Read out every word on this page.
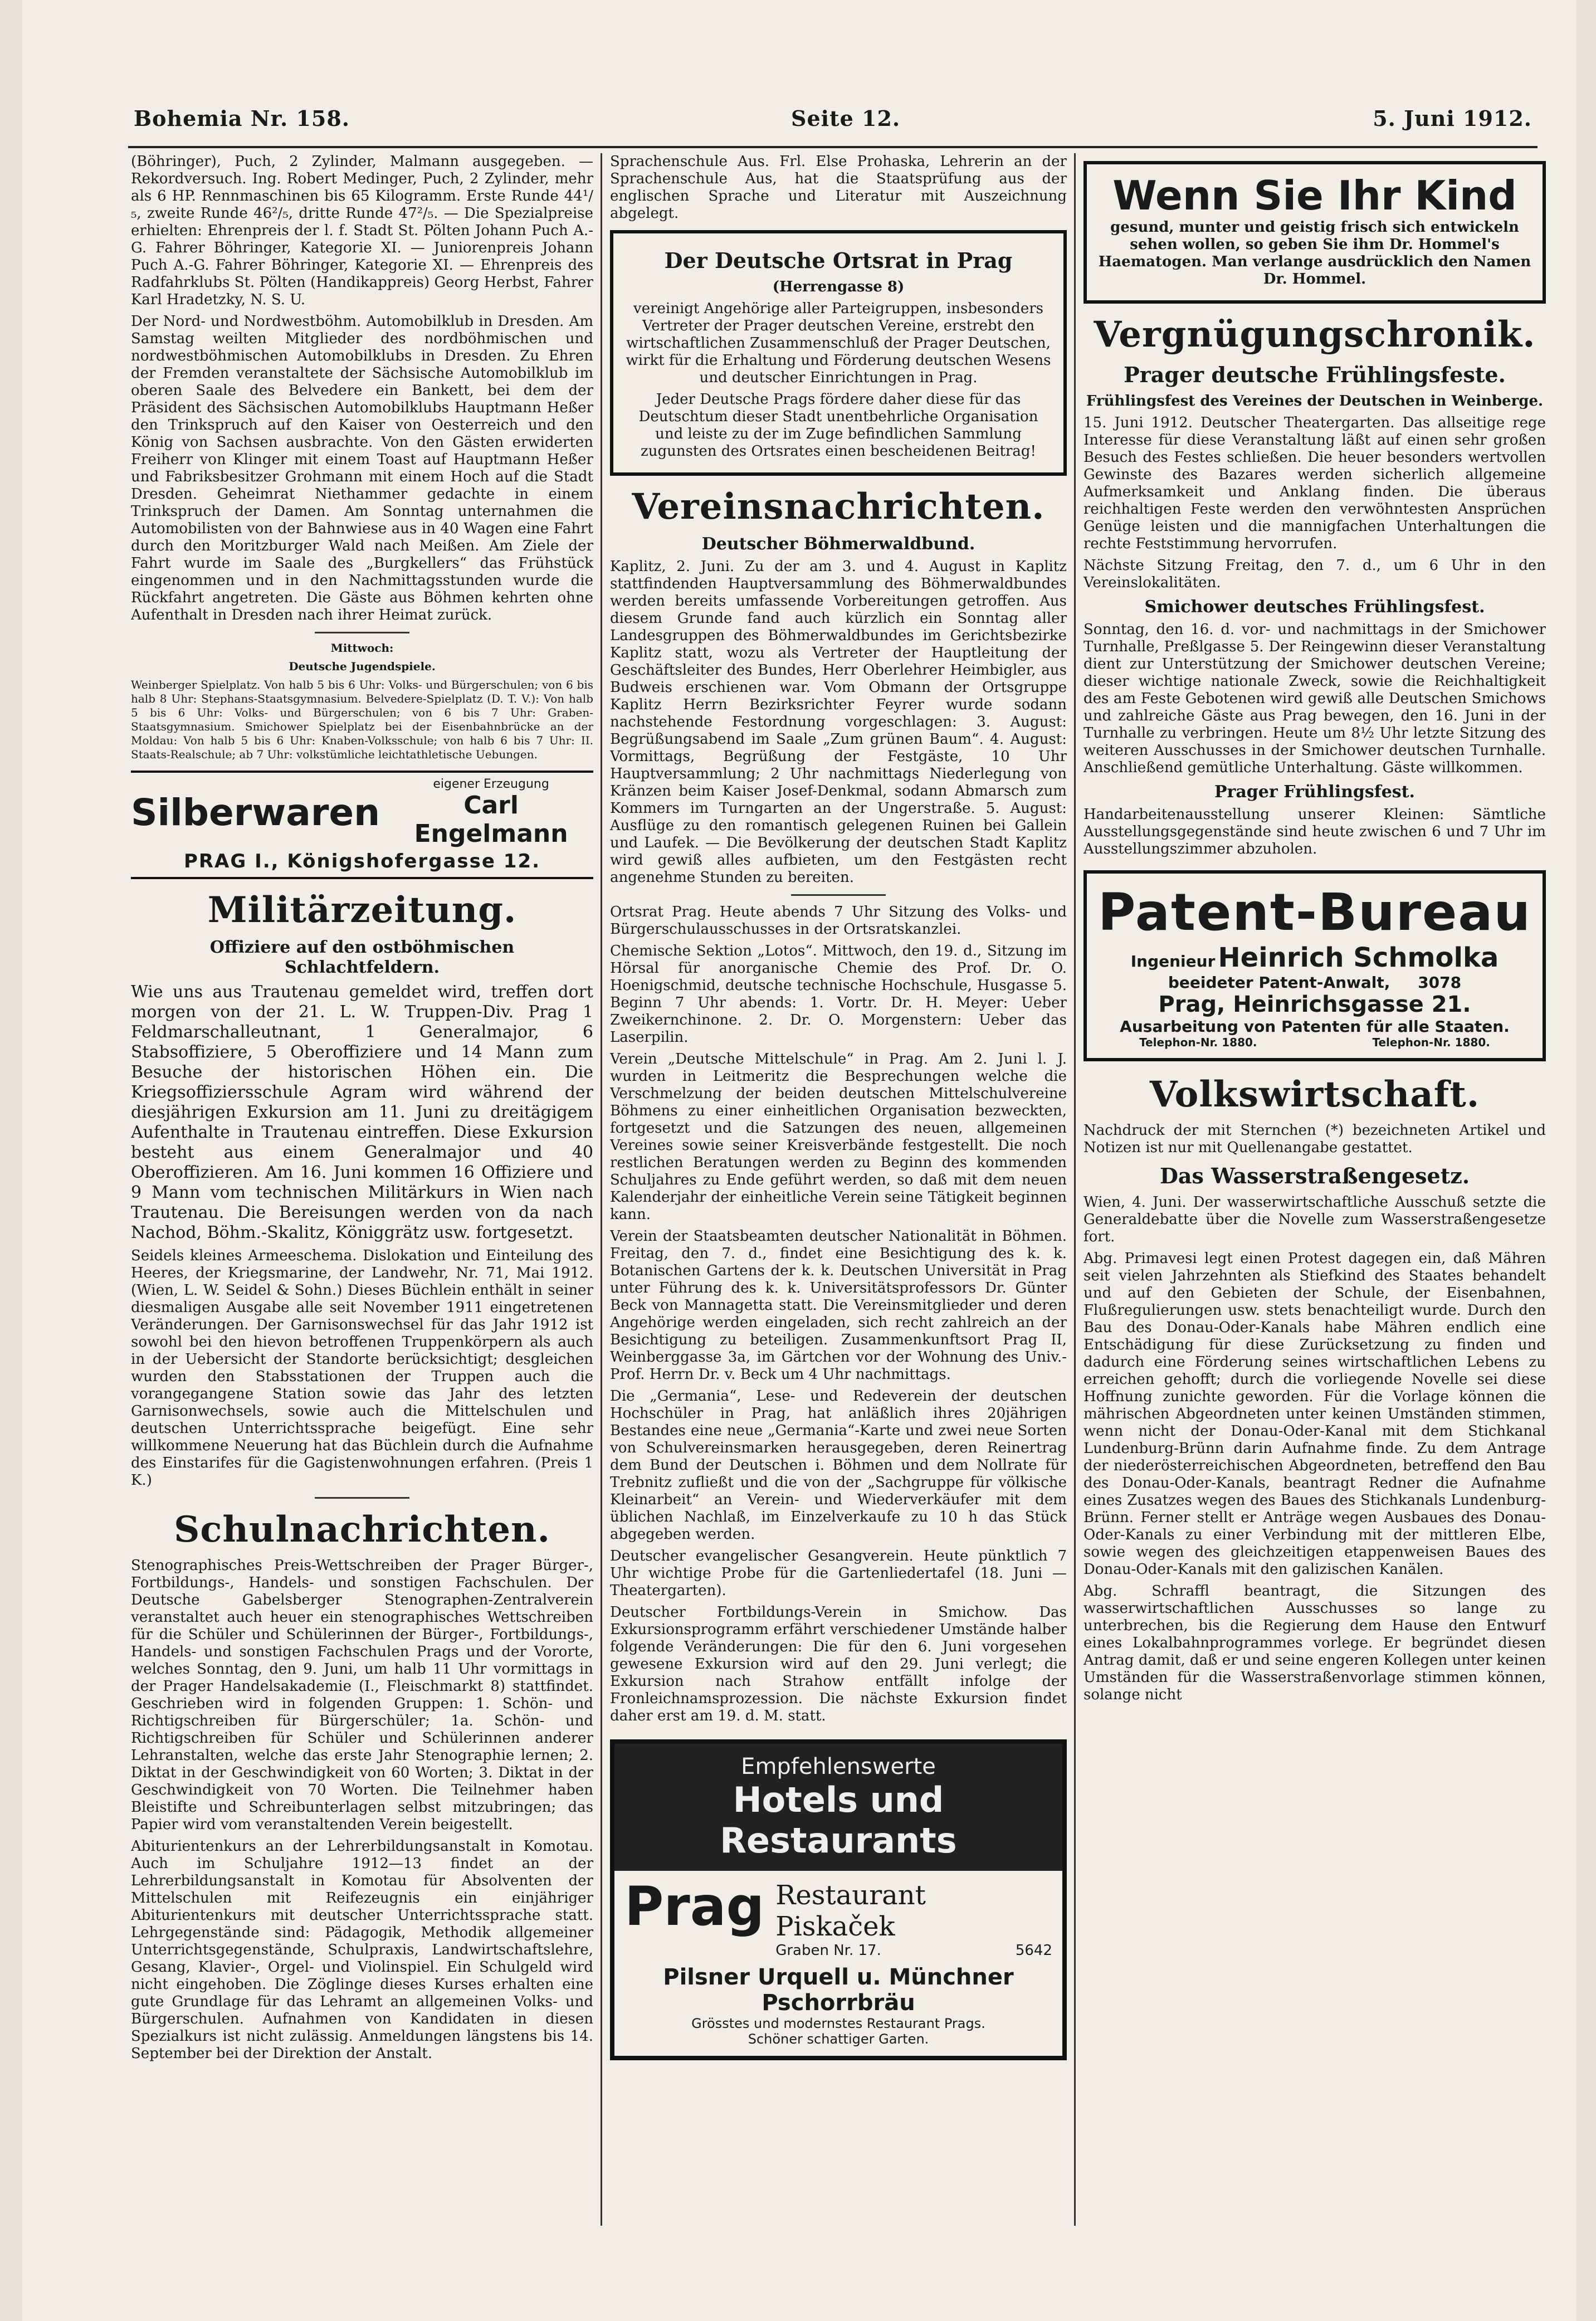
Bohemia Nr. 158.	Seite 12.	5. Juni 1912.

(Böhringer), Puch, 2 Zylinder, Malmann ausgegeben. — Rekordversuch. Ing. Robert Medinger, Puch, 2 Zylinder, mehr als 6 HP. Rennmaschinen bis 65 Kilogramm. Erste Runde 44¹/₅, zweite Runde 46²/₅, dritte Runde 47²/₅. — Die Spezialpreise erhielten: Ehrenpreis der l. f. Stadt St. Pölten Johann Puch A.-G. Fahrer Böhringer, Kategorie XI. — Juniorenpreis Johann Puch A.-G. Fahrer Böhringer, Kategorie XI. — Ehrenpreis des Radfahrklubs St. Pölten (Handikappreis) Georg Herbst, Fahrer Karl Hradetzky, N. S. U.

Der Nord- und Nordwestböhm. Automobilklub in Dresden. Am Samstag weilten Mitglieder des nordböhmischen und nordwestböhmischen Automobilklubs in Dresden. Zu Ehren der Fremden veranstaltete der Sächsische Automobilklub im oberen Saale des Belvedere ein Bankett, bei dem der Präsident des Sächsischen Automobilklubs Hauptmann Heßer den Trinkspruch auf den Kaiser von Oesterreich und den König von Sachsen ausbrachte. Von den Gästen erwiderten Freiherr von Klinger mit einem Toast auf Hauptmann Heßer und Fabriksbesitzer Grohmann mit einem Hoch auf die Stadt Dresden. Geheimrat Niethammer gedachte in einem Trinkspruch der Damen. Am Sonntag unternahmen die Automobilisten von der Bahnwiese aus in 40 Wagen eine Fahrt durch den Moritzburger Wald nach Meißen. Am Ziele der Fahrt wurde im Saale des „Burgkellers“ das Frühstück eingenommen und in den Nachmittagsstunden wurde die Rückfahrt angetreten. Die Gäste aus Böhmen kehrten ohne Aufenthalt in Dresden nach ihrer Heimat zurück.

Mittwoch:

Deutsche Jugendspiele.

Weinberger Spielplatz. Von halb 5 bis 6 Uhr: Volks- und Bürgerschulen; von 6 bis halb 8 Uhr: Stephans-Staatsgymnasium. Belvedere-Spielplatz (D. T. V.): Von halb 5 bis 6 Uhr: Volks- und Bürgerschulen; von 6 bis 7 Uhr: Graben-Staatsgymnasium. Smichower Spielplatz bei der Eisenbahnbrücke an der Moldau: Von halb 5 bis 6 Uhr: Knaben-Volksschule; von halb 6 bis 7 Uhr: II. Staats-Realschule; ab 7 Uhr: volkstümliche leichtathletische Uebungen.

Silberwaren
eigener Erzeugung
Carl Engelmann
PRAG I., Königshofergasse 12.
Militärzeitung.

Offiziere auf den ostböhmischen Schlachtfeldern.

Wie uns aus Trautenau gemeldet wird, treffen dort morgen von der 21. L. W. Truppen-Div. Prag 1 Feldmarschalleutnant, 1 Generalmajor, 6 Stabsoffiziere, 5 Oberoffiziere und 14 Mann zum Besuche der historischen Höhen ein. Die Kriegsoffiziersschule Agram wird während der diesjährigen Exkursion am 11. Juni zu dreitägigem Aufenthalte in Trautenau eintreffen. Diese Exkursion besteht aus einem Generalmajor und 40 Oberoffizieren. Am 16. Juni kommen 16 Offiziere und 9 Mann vom technischen Militärkurs in Wien nach Trautenau. Die Bereisungen werden von da nach Nachod, Böhm.-Skalitz, Königgrätz usw. fortgesetzt.

Seidels kleines Armeeschema. Dislokation und Einteilung des Heeres, der Kriegsmarine, der Landwehr, Nr. 71, Mai 1912. (Wien, L. W. Seidel & Sohn.) Dieses Büchlein enthält in seiner diesmaligen Ausgabe alle seit November 1911 eingetretenen Veränderungen. Der Garnisonswechsel für das Jahr 1912 ist sowohl bei den hievon betroffenen Truppenkörpern als auch in der Uebersicht der Standorte berücksichtigt; desgleichen wurden den Stabsstationen der Truppen auch die vorangegangene Station sowie das Jahr des letzten Garnisonwechsels, sowie auch die Mittelschulen und deutschen Unterrichtssprache beigefügt. Eine sehr willkommene Neuerung hat das Büchlein durch die Aufnahme des Einstarifes für die Gagistenwohnungen erfahren. (Preis 1 K.)

Schulnachrichten.

Stenographisches Preis-Wettschreiben der Prager Bürger-, Fortbildungs-, Handels- und sonstigen Fachschulen. Der Deutsche Gabelsberger Stenographen-Zentralverein veranstaltet auch heuer ein stenographisches Wettschreiben für die Schüler und Schülerinnen der Bürger-, Fortbildungs-, Handels- und sonstigen Fachschulen Prags und der Vororte, welches Sonntag, den 9. Juni, um halb 11 Uhr vormittags in der Prager Handelsakademie (I., Fleischmarkt 8) stattfindet. Geschrieben wird in folgenden Gruppen: 1. Schön- und Richtigschreiben für Bürgerschüler; 1a. Schön- und Richtigschreiben für Schüler und Schülerinnen anderer Lehranstalten, welche das erste Jahr Stenographie lernen; 2. Diktat in der Geschwindigkeit von 60 Worten; 3. Diktat in der Geschwindigkeit von 70 Worten. Die Teilnehmer haben Bleistifte und Schreibunterlagen selbst mitzubringen; das Papier wird vom veranstaltenden Verein beigestellt.

Abiturientenkurs an der Lehrerbildungsanstalt in Komotau. Auch im Schuljahre 1912—13 findet an der Lehrerbildungsanstalt in Komotau für Absolventen der Mittelschulen mit Reifezeugnis ein einjähriger Abiturientenkurs mit deutscher Unterrichtssprache statt. Lehrgegenstände sind: Pädagogik, Methodik allgemeiner Unterrichtsgegenstände, Schulpraxis, Landwirtschaftslehre, Gesang, Klavier-, Orgel- und Violinspiel. Ein Schulgeld wird nicht eingehoben. Die Zöglinge dieses Kurses erhalten eine gute Grundlage für das Lehramt an allgemeinen Volks- und Bürgerschulen. Aufnahmen von Kandidaten in diesen Spezialkurs ist nicht zulässig. Anmeldungen längstens bis 14. September bei der Direktion der Anstalt.

Sprachenschule Aus. Frl. Else Prohaska, Lehrerin an der Sprachenschule Aus, hat die Staatsprüfung aus der englischen Sprache und Literatur mit Auszeichnung abgelegt.

Der Deutsche Ortsrat in Prag
(Herrengasse 8)

vereinigt Angehörige aller Parteigruppen, insbesonders Vertreter der Prager deutschen Vereine, erstrebt den wirtschaftlichen Zusammenschluß der Prager Deutschen, wirkt für die Erhaltung und Förderung deutschen Wesens und deutscher Einrichtungen in Prag.

Jeder Deutsche Prags fördere daher diese für das Deutschtum dieser Stadt unentbehrliche Organisation und leiste zu der im Zuge befindlichen Sammlung zugunsten des Ortsrates einen bescheidenen Beitrag!

Vereinsnachrichten.
Deutscher Böhmerwaldbund.

Kaplitz, 2. Juni. Zu der am 3. und 4. August in Kaplitz stattfindenden Hauptversammlung des Böhmerwaldbundes werden bereits umfassende Vorbereitungen getroffen. Aus diesem Grunde fand auch kürzlich ein Sonntag aller Landesgruppen des Böhmerwaldbundes im Gerichtsbezirke Kaplitz statt, wozu als Vertreter der Hauptleitung der Geschäftsleiter des Bundes, Herr Oberlehrer Heimbigler, aus Budweis erschienen war. Vom Obmann der Ortsgruppe Kaplitz Herrn Bezirksrichter Feyrer wurde sodann nachstehende Festordnung vorgeschlagen: 3. August: Begrüßungsabend im Saale „Zum grünen Baum“. 4. August: Vormittags, Begrüßung der Festgäste, 10 Uhr Hauptversammlung; 2 Uhr nachmittags Niederlegung von Kränzen beim Kaiser Josef-Denkmal, sodann Abmarsch zum Kommers im Turngarten an der Ungerstraße. 5. August: Ausflüge zu den romantisch gelegenen Ruinen bei Gallein und Laufek. — Die Bevölkerung der deutschen Stadt Kaplitz wird gewiß alles aufbieten, um den Festgästen recht angenehme Stunden zu bereiten.

Ortsrat Prag. Heute abends 7 Uhr Sitzung des Volks- und Bürgerschulausschusses in der Ortsratskanzlei.

Chemische Sektion „Lotos“. Mittwoch, den 19. d., Sitzung im Hörsal für anorganische Chemie des Prof. Dr. O. Hoenigschmid, deutsche technische Hochschule, Husgasse 5. Beginn 7 Uhr abends: 1. Vortr. Dr. H. Meyer: Ueber Zweikernchinone. 2. Dr. O. Morgenstern: Ueber das Laserpilin.

Verein „Deutsche Mittelschule“ in Prag. Am 2. Juni l. J. wurden in Leitmeritz die Besprechungen welche die Verschmelzung der beiden deutschen Mittelschulvereine Böhmens zu einer einheitlichen Organisation bezweckten, fortgesetzt und die Satzungen des neuen, allgemeinen Vereines sowie seiner Kreisverbände festgestellt. Die noch restlichen Beratungen werden zu Beginn des kommenden Schuljahres zu Ende geführt werden, so daß mit dem neuen Kalenderjahr der einheitliche Verein seine Tätigkeit beginnen kann.

Verein der Staatsbeamten deutscher Nationalität in Böhmen. Freitag, den 7. d., findet eine Besichtigung des k. k. Botanischen Gartens der k. k. Deutschen Universität in Prag unter Führung des k. k. Universitätsprofessors Dr. Günter Beck von Mannagetta statt. Die Vereinsmitglieder und deren Angehörige werden eingeladen, sich recht zahlreich an der Besichtigung zu beteiligen. Zusammenkunftsort Prag II, Weinberggasse 3a, im Gärtchen vor der Wohnung des Univ.-Prof. Herrn Dr. v. Beck um 4 Uhr nachmittags.

Die „Germania“, Lese- und Redeverein der deutschen Hochschüler in Prag, hat anläßlich ihres 20jährigen Bestandes eine neue „Germania“-Karte und zwei neue Sorten von Schulvereinsmarken herausgegeben, deren Reinertrag dem Bund der Deutschen i. Böhmen und dem Nollrate für Trebnitz zufließt und die von der „Sachgruppe für völkische Kleinarbeit“ an Verein- und Wiederverkäufer mit dem üblichen Nachlaß, im Einzelverkaufe zu 10 h das Stück abgegeben werden.

Deutscher evangelischer Gesangverein. Heute pünktlich 7 Uhr wichtige Probe für die Gartenliedertafel (18. Juni — Theatergarten).

Deutscher Fortbildungs-Verein in Smichow. Das Exkursionsprogramm erfährt verschiedener Umstände halber folgende Veränderungen: Die für den 6. Juni vorgesehen gewesene Exkursion wird auf den 29. Juni verlegt; die Exkursion nach Strahow entfällt infolge der Fronleichnamsprozession. Die nächste Exkursion findet daher erst am 19. d. M. statt.

Empfehlenswerte
Hotels und Restaurants
Prag Restaurant Piskaček
Graben Nr. 17.	5642
Pilsner Urquell u. Münchner Pschorrbräu
Grösstes und modernstes Restaurant Prags.
Schöner schattiger Garten.
Wenn Sie Ihr Kind

gesund, munter und geistig frisch sich entwickeln sehen wollen, so geben Sie ihm Dr. Hommel's Haematogen. Man verlange ausdrücklich den Namen Dr. Hommel.

Vergnügungschronik.
Prager deutsche Frühlingsfeste.

Frühlingsfest des Vereines der Deutschen in Weinberge.

15. Juni 1912. Deutscher Theatergarten. Das allseitige rege Interesse für diese Veranstaltung läßt auf einen sehr großen Besuch des Festes schließen. Die heuer besonders wertvollen Gewinste des Bazares werden sicherlich allgemeine Aufmerksamkeit und Anklang finden. Die überaus reichhaltigen Feste werden den verwöhntesten Ansprüchen Genüge leisten und die mannigfachen Unterhaltungen die rechte Feststimmung hervorrufen.

Nächste Sitzung Freitag, den 7. d., um 6 Uhr in den Vereinslokalitäten.

Smichower deutsches Frühlingsfest.

Sonntag, den 16. d. vor- und nachmittags in der Smichower Turnhalle, Preßlgasse 5. Der Reingewinn dieser Veranstaltung dient zur Unterstützung der Smichower deutschen Vereine; dieser wichtige nationale Zweck, sowie die Reichhaltigkeit des am Feste Gebotenen wird gewiß alle Deutschen Smichows und zahlreiche Gäste aus Prag bewegen, den 16. Juni in der Turnhalle zu verbringen. Heute um 8½ Uhr letzte Sitzung des weiteren Ausschusses in der Smichower deutschen Turnhalle. Anschließend gemütliche Unterhaltung. Gäste willkommen.

Prager Frühlingsfest.

Handarbeitenausstellung unserer Kleinen: Sämtliche Ausstellungsgegenstände sind heute zwischen 6 und 7 Uhr im Ausstellungszimmer abzuholen.

Patent-Bureau
Ingenieur Heinrich Schmolka
beeideter Patent-Anwalt, 3078
Prag, Heinrichsgasse 21.
Ausarbeitung von Patenten für alle Staaten.
Telephon-Nr. 1880.	Telephon-Nr. 1880.
Volkswirtschaft.

Nachdruck der mit Sternchen (*) bezeichneten Artikel und Notizen ist nur mit Quellenangabe gestattet.

Das Wasserstraßengesetz.

Wien, 4. Juni. Der wasserwirtschaftliche Ausschuß setzte die Generaldebatte über die Novelle zum Wasserstraßengesetze fort.

Abg. Primavesi legt einen Protest dagegen ein, daß Mähren seit vielen Jahrzehnten als Stiefkind des Staates behandelt und auf den Gebieten der Schule, der Eisenbahnen, Flußregulierungen usw. stets benachteiligt wurde. Durch den Bau des Donau-Oder-Kanals habe Mähren endlich eine Entschädigung für diese Zurücksetzung zu finden und dadurch eine Förderung seines wirtschaftlichen Lebens zu erreichen gehofft; durch die vorliegende Novelle sei diese Hoffnung zunichte geworden. Für die Vorlage können die mährischen Abgeordneten unter keinen Umständen stimmen, wenn nicht der Donau-Oder-Kanal mit dem Stichkanal Lundenburg-Brünn darin Aufnahme finde. Zu dem Antrage der niederösterreichischen Abgeordneten, betreffend den Bau des Donau-Oder-Kanals, beantragt Redner die Aufnahme eines Zusatzes wegen des Baues des Stichkanals Lundenburg-Brünn. Ferner stellt er Anträge wegen Ausbaues des Donau-Oder-Kanals zu einer Verbindung mit der mittleren Elbe, sowie wegen des gleichzeitigen etappenweisen Baues des Donau-Oder-Kanals mit den galizischen Kanälen.

Abg. Schraffl beantragt, die Sitzungen des wasserwirtschaftlichen Ausschusses so lange zu unterbrechen, bis die Regierung dem Hause den Entwurf eines Lokalbahnprogrammes vorlege. Er begründet diesen Antrag damit, daß er und seine engeren Kollegen unter keinen Umständen für die Wasserstraßenvorlage stimmen können, solange nicht
